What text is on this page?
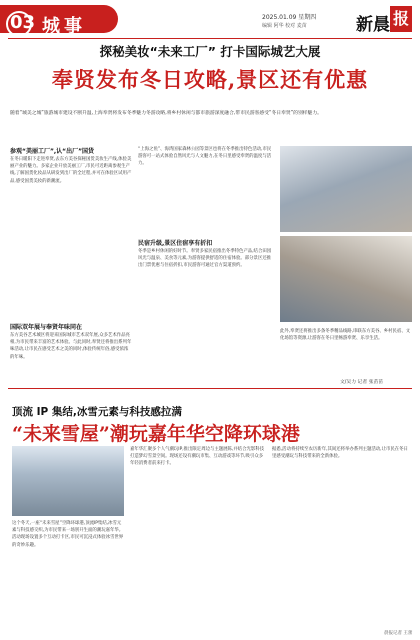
03 城事	2025.01.09 星期四
编辑 阿华 校对 麦苗	新晨 报
探秘美妆“未来工厂” 打卡国际城艺大展
奉贤发布冬日攻略,景区还有优惠
随着“城美之城”旅游城市建设不断升温,上海奉贤将发布冬季魅力冬游攻略,将乡村休闲与都市旅游深度融合,带市民游客感受“冬日奉贤”的别样魅力。
参观“美丽工厂”,认“出厂”国货
在冬日暖阳下走进奉贤,去东方美谷探秘国货美妆生产线,体验美丽产业的魅力。多家企业开放美丽工厂,市民可近距离参观生产线,了解国货化妆品从研发到出厂的全过程,并可在体验区试用产品,感受国货美妆的新潮流。
国际双年展与奉贤年味同在
东方美谷艺术城区将迎来国际城市艺术双年展,众多艺术作品亮相,为市民带来丰富的艺术体验。与此同时,奉贤还将推出系列年味活动,让市民在感受艺术之美的同时,体验传统年俗,感受浓浓的年味。
“上海之鱼”、海湾国家森林公园等景区也将在冬季推出特色活动,市民游客可一站式体验自然风光与人文魅力,在冬日里感受奉贤的温度与活力。
民宿升级,景区住宿享有折扣
冬季是乡村休闲的好时节。奉贤多家民宿推出冬季特色产品,结合田园风光与温泉、美食等元素,为游客提供舒适的住宿体验。部分景区还推出门票优惠与住宿折扣,市民游客可通过官方渠道预约。
此外,奉贤还将推出多条冬季精品线路,串联东方美谷、乡村民宿、文化场馆等资源,让游客在冬日里畅游奉贤、乐享生活。
文/吴力 记者 张苗苗
顶流 IP 集结,冰雪元素与科技感拉满
“未来雪屋”潮玩嘉年华空降环球港
这个冬天,一座“未来雪屋”空降环球港,顶流IP集结,冰雪元素与科技感交织,为市民带来一场别开生面的潮玩嘉年华。活动现场设置多个互动打卡区,市民可沉浸式体验冰雪世界的奇妙乐趣。
嘉年华汇聚多个人气潮玩IP,推出限定周边与主题展陈,并结合光影科技打造梦幻雪景空间。现场还设有潮玩市集、互动游戏等环节,吸引众多年轻消费者前来打卡。
据悉,活动将持续至农历新年,其间还将举办系列主题活动,让市民在冬日里感受潮玩与科技带来的全新体验。
晨报记者 王蕾
